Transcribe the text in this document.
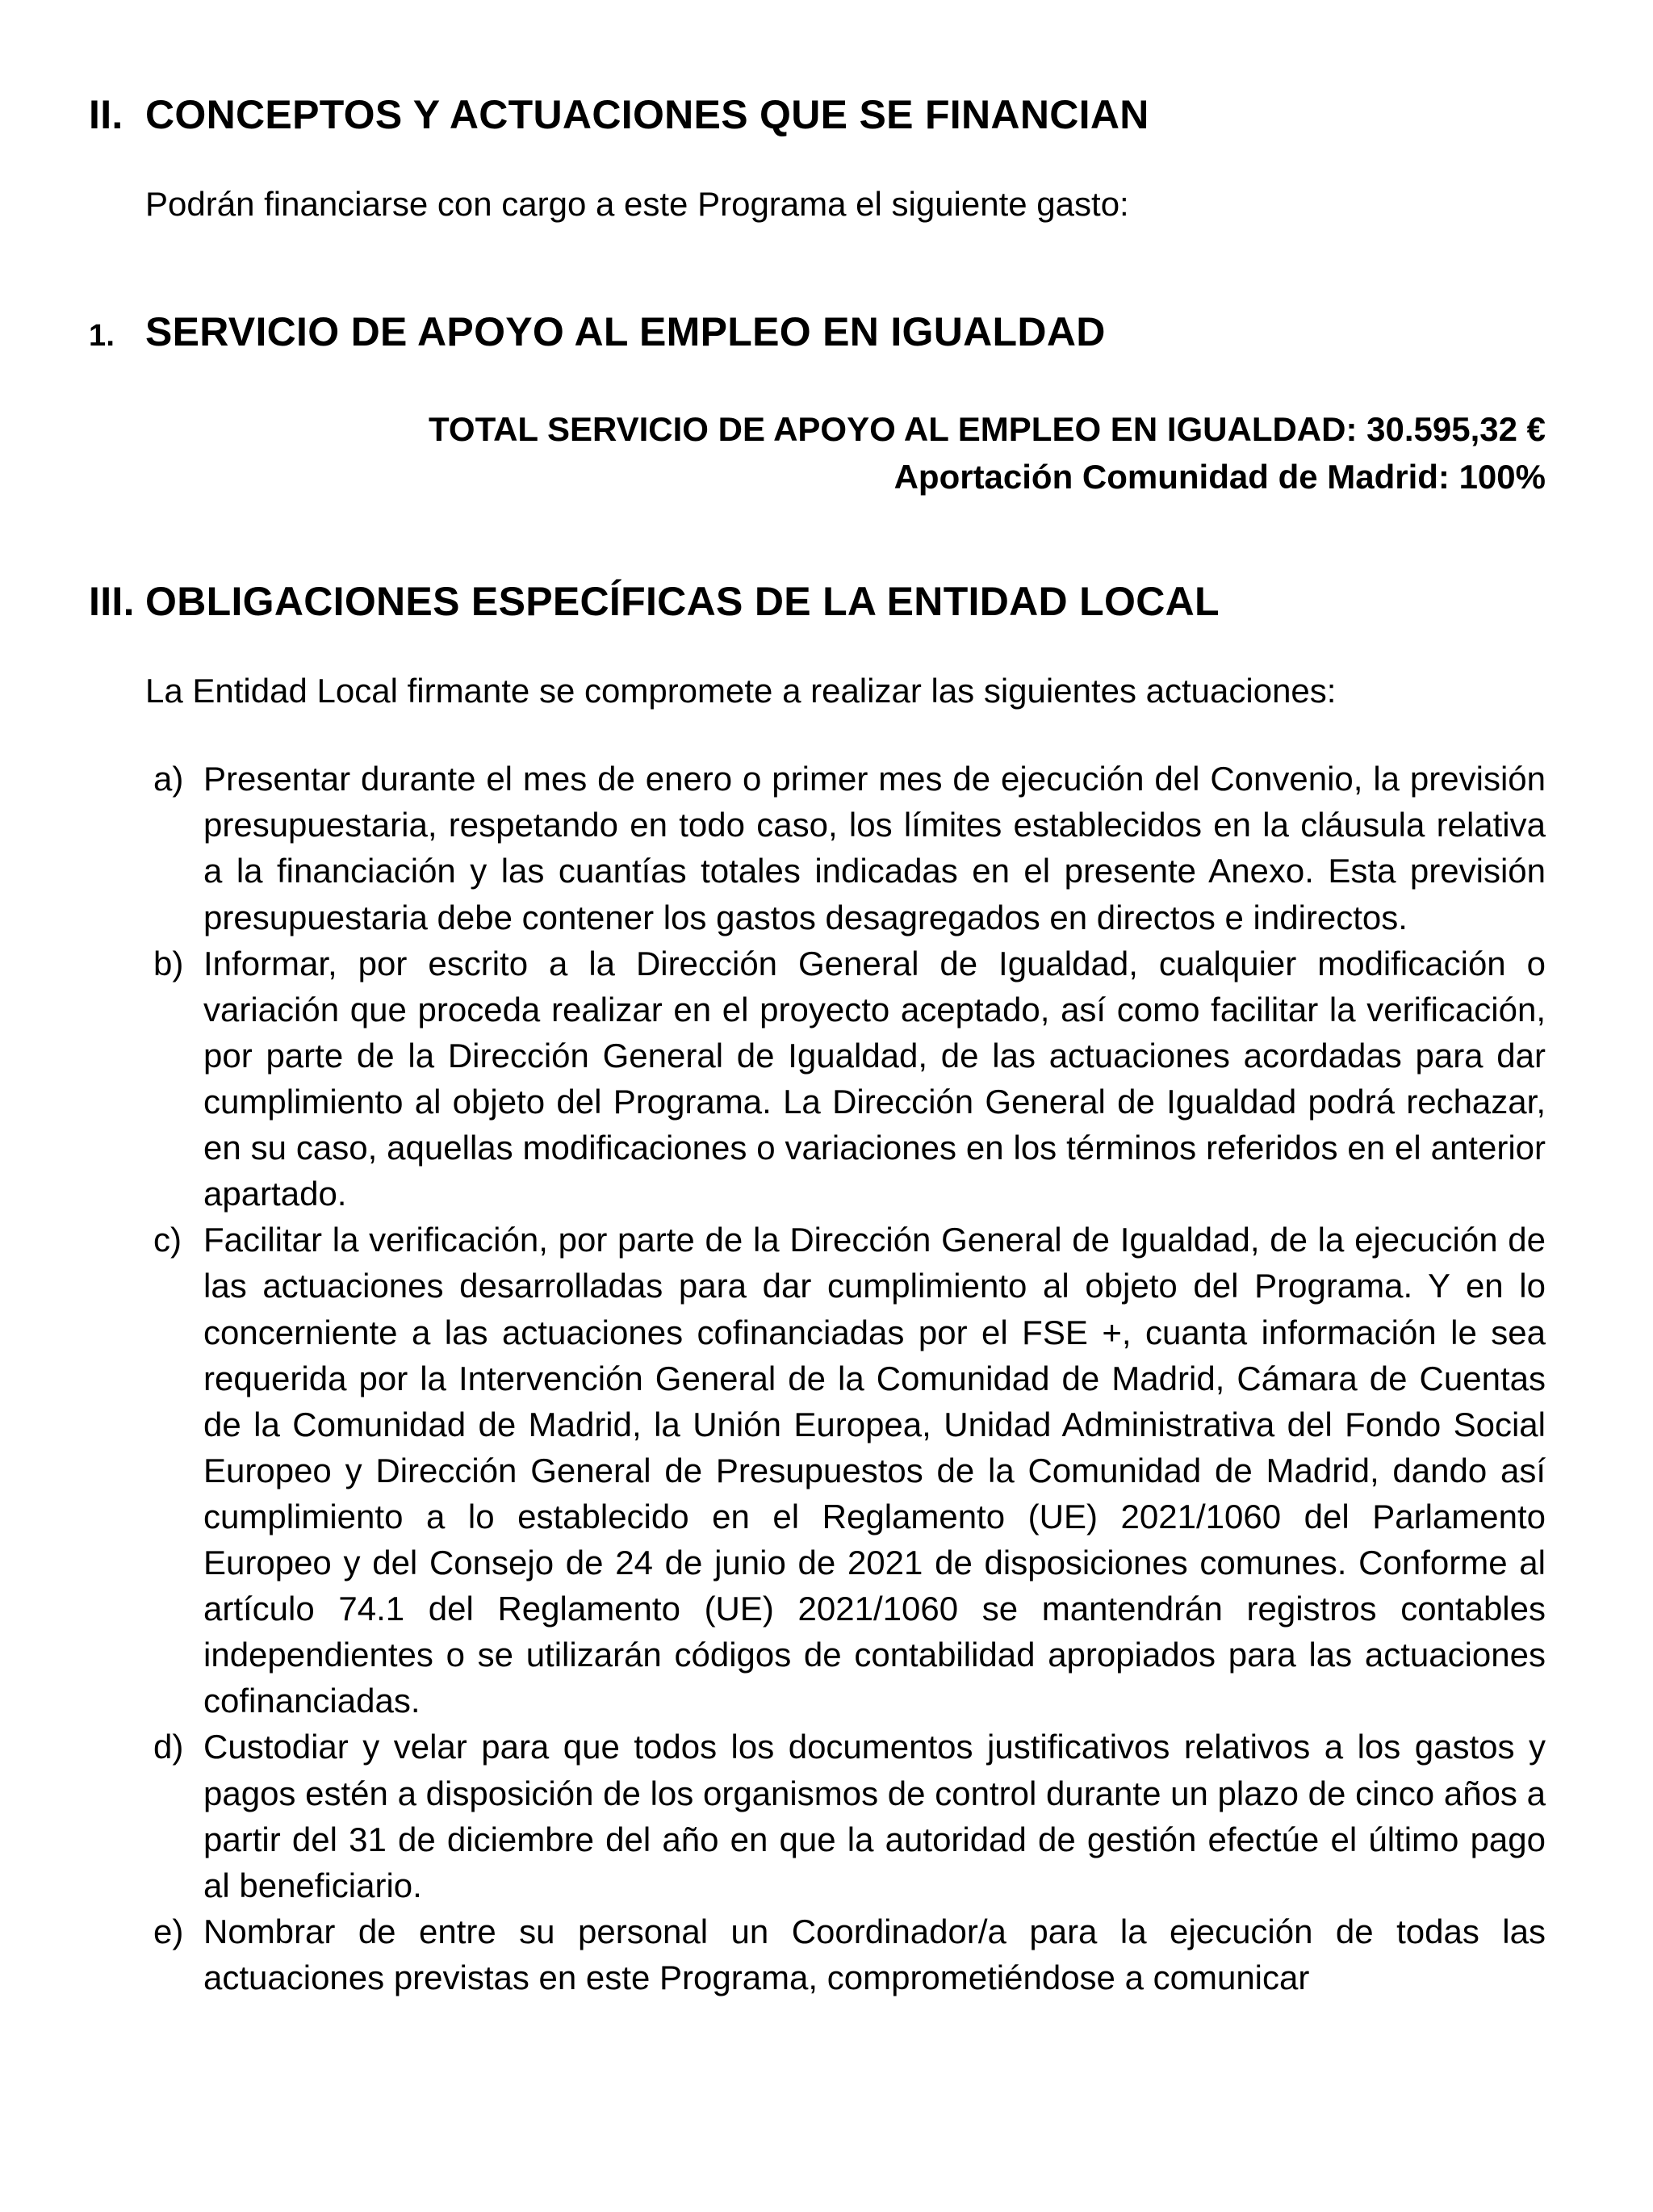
II. CONCEPTOS Y ACTUACIONES QUE SE FINANCIAN

Podrán financiarse con cargo a este Programa el siguiente gasto:

1. SERVICIO DE APOYO AL EMPLEO EN IGUALDAD
TOTAL SERVICIO DE APOYO AL EMPLEO EN IGUALDAD: 30.595,32 €
Aportación Comunidad de Madrid: 100%
III. OBLIGACIONES ESPECÍFICAS DE LA ENTIDAD LOCAL

La Entidad Local firmante se compromete a realizar las siguientes actuaciones:

a) Presentar durante el mes de enero o primer mes de ejecución del Convenio, la previsión presupuestaria, respetando en todo caso, los límites establecidos en la cláusula relativa a la financiación y las cuantías totales indicadas en el presente Anexo. Esta previsión presupuestaria debe contener los gastos desagregados en directos e indirectos.
b) Informar, por escrito a la Dirección General de Igualdad, cualquier modificación o variación que proceda realizar en el proyecto aceptado, así como facilitar la verificación, por parte de la Dirección General de Igualdad, de las actuaciones acordadas para dar cumplimiento al objeto del Programa. La Dirección General de Igualdad podrá rechazar, en su caso, aquellas modificaciones o variaciones en los términos referidos en el anterior apartado.
c) Facilitar la verificación, por parte de la Dirección General de Igualdad, de la ejecución de las actuaciones desarrolladas para dar cumplimiento al objeto del Programa. Y en lo concerniente a las actuaciones cofinanciadas por el FSE +, cuanta información le sea requerida por la Intervención General de la Comunidad de Madrid, Cámara de Cuentas de la Comunidad de Madrid, la Unión Europea, Unidad Administrativa del Fondo Social Europeo y Dirección General de Presupuestos de la Comunidad de Madrid, dando así cumplimiento a lo establecido en el Reglamento (UE) 2021/1060 del Parlamento Europeo y del Consejo de 24 de junio de 2021 de disposiciones comunes. Conforme al artículo 74.1 del Reglamento (UE) 2021/1060 se mantendrán registros contables independientes o se utilizarán códigos de contabilidad apropiados para las actuaciones cofinanciadas.
d) Custodiar y velar para que todos los documentos justificativos relativos a los gastos y pagos estén a disposición de los organismos de control durante un plazo de cinco años a partir del 31 de diciembre del año en que la autoridad de gestión efectúe el último pago al beneficiario.
e) Nombrar de entre su personal un Coordinador/a para la ejecución de todas las actuaciones previstas en este Programa, comprometiéndose a comunicar
